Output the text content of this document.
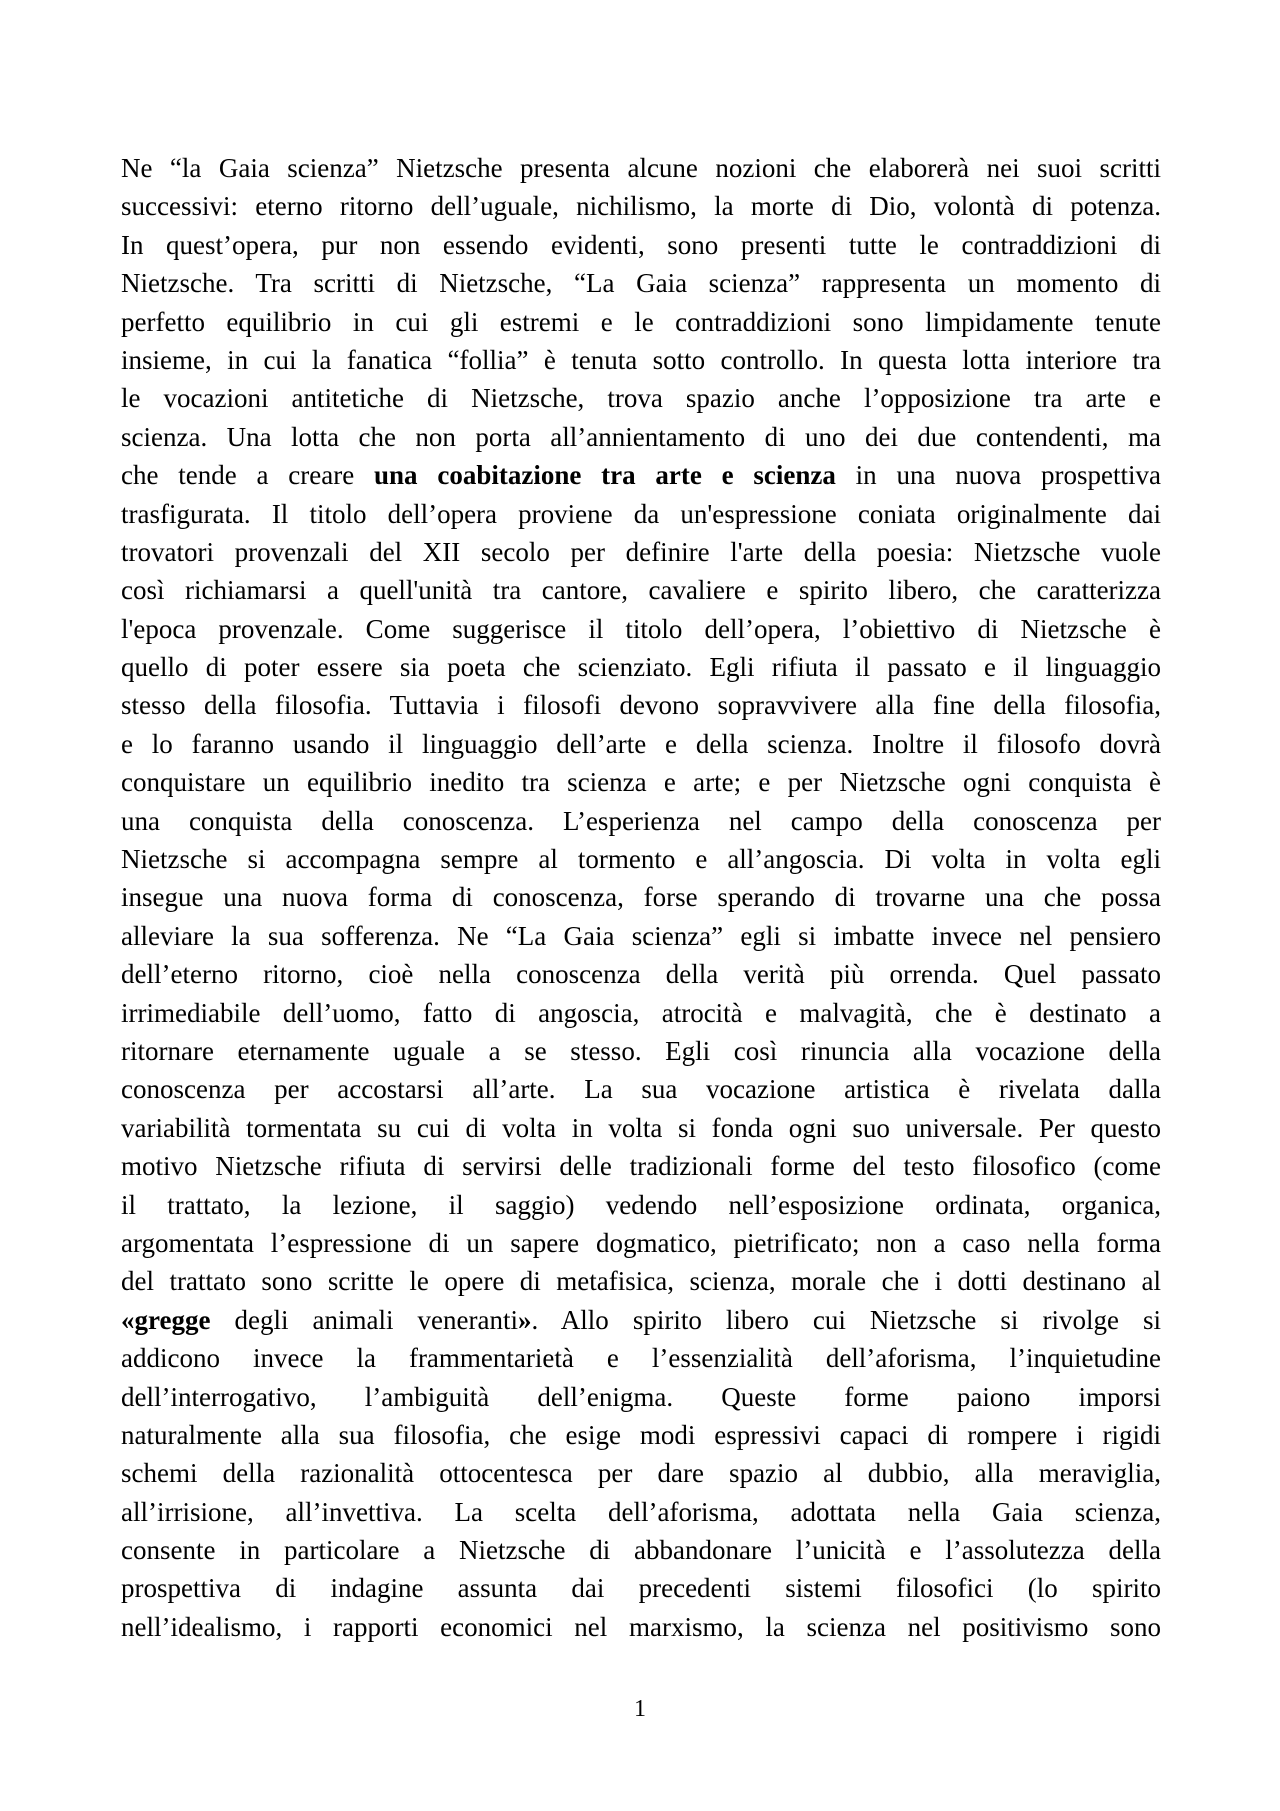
Ne “la Gaia scienza” Nietzsche presenta alcune nozioni che elaborerà nei suoi scritti
successivi: eterno ritorno dell’uguale, nichilismo, la morte di Dio, volontà di potenza.
In quest’opera, pur non essendo evidenti, sono presenti tutte le contraddizioni di
Nietzsche. Tra scritti di Nietzsche, “La Gaia scienza” rappresenta un momento di
perfetto equilibrio in cui gli estremi e le contraddizioni sono limpidamente tenute
insieme, in cui la fanatica “follia” è tenuta sotto controllo. In questa lotta interiore tra
le vocazioni antitetiche di Nietzsche, trova spazio anche l’opposizione tra arte e
scienza. Una lotta che non porta all’annientamento di uno dei due contendenti, ma
che tende a creare una coabitazione tra arte e scienza in una nuova prospettiva
trasfigurata. Il titolo dell’opera proviene da un'espressione coniata originalmente dai
trovatori provenzali del XII secolo per definire l'arte della poesia: Nietzsche vuole
così richiamarsi a quell'unità tra cantore, cavaliere e spirito libero, che caratterizza
l'epoca provenzale. Come suggerisce il titolo dell’opera, l’obiettivo di Nietzsche è
quello di poter essere sia poeta che scienziato. Egli rifiuta il passato e il linguaggio
stesso della filosofia. Tuttavia i filosofi devono sopravvivere alla fine della filosofia,
e lo faranno usando il linguaggio dell’arte e della scienza. Inoltre il filosofo dovrà
conquistare un equilibrio inedito tra scienza e arte; e per Nietzsche ogni conquista è
una conquista della conoscenza. L’esperienza nel campo della conoscenza per
Nietzsche si accompagna sempre al tormento e all’angoscia. Di volta in volta egli
insegue una nuova forma di conoscenza, forse sperando di trovarne una che possa
alleviare la sua sofferenza. Ne “La Gaia scienza” egli si imbatte invece nel pensiero
dell’eterno ritorno, cioè nella conoscenza della verità più orrenda. Quel passato
irrimediabile dell’uomo, fatto di angoscia, atrocità e malvagità, che è destinato a
ritornare eternamente uguale a se stesso. Egli così rinuncia alla vocazione della
conoscenza per accostarsi all’arte. La sua vocazione artistica è rivelata dalla
variabilità tormentata su cui di volta in volta si fonda ogni suo universale. Per questo
motivo Nietzsche rifiuta di servirsi delle tradizionali forme del testo filosofico (come
il trattato, la lezione, il saggio) vedendo nell’esposizione ordinata, organica,
argomentata l’espressione di un sapere dogmatico, pietrificato; non a caso nella forma
del trattato sono scritte le opere di metafisica, scienza, morale che i dotti destinano al
«gregge degli animali veneranti». Allo spirito libero cui Nietzsche si rivolge si
addicono invece la frammentarietà e l’essenzialità dell’aforisma, l’inquietudine
dell’interrogativo, l’ambiguità dell’enigma. Queste forme paiono imporsi
naturalmente alla sua filosofia, che esige modi espressivi capaci di rompere i rigidi
schemi della razionalità ottocentesca per dare spazio al dubbio, alla meraviglia,
all’irrisione, all’invettiva. La scelta dell’aforisma, adottata nella Gaia scienza,
consente in particolare a Nietzsche di abbandonare l’unicità e l’assolutezza della
prospettiva di indagine assunta dai precedenti sistemi filosofici (lo spirito
nell’idealismo, i rapporti economici nel marxismo, la scienza nel positivismo sono
1
